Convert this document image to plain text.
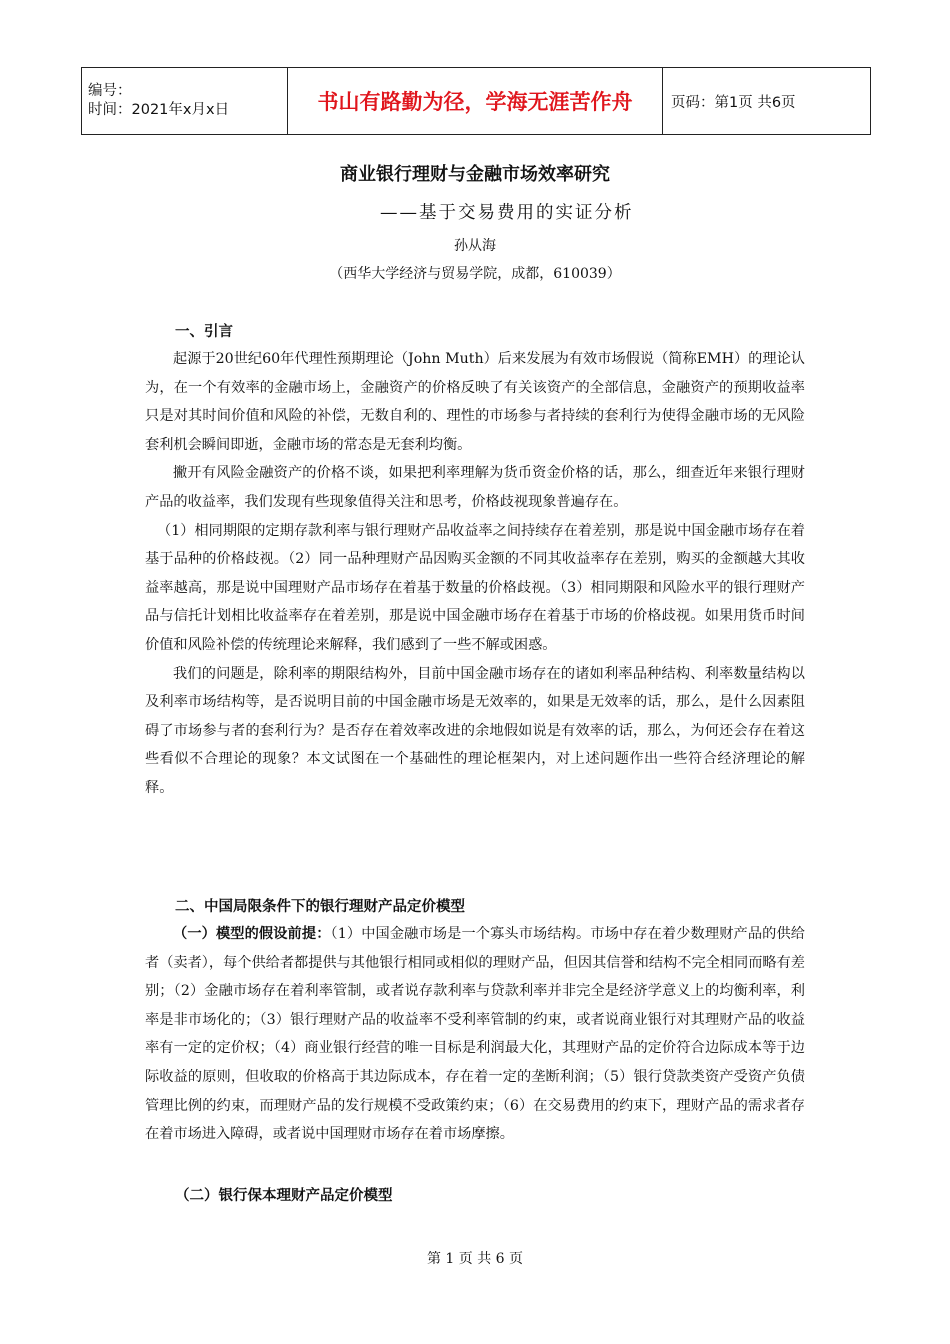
编号：
时间：2021年x月x日	书山有路勤为径，学海无涯苦作舟	页码：第1页 共6页
商业银行理财与金融市场效率研究
——基于交易费用的实证分析
孙从海
（西华大学经济与贸易学院，成都，610039）
一、引言

起源于20世纪60年代理性预期理论（John Muth）后来发展为有效市场假说（简称EMH）的理论认为，在一个有效率的金融市场上，金融资产的价格反映了有关该资产的全部信息，金融资产的预期收益率只是对其时间价值和风险的补偿，无数自利的、理性的市场参与者持续的套利行为使得金融市场的无风险套利机会瞬间即逝，金融市场的常态是无套利均衡。

撇开有风险金融资产的价格不谈，如果把利率理解为货币资金价格的话，那么，细查近年来银行理财产品的收益率，我们发现有些现象值得关注和思考，价格歧视现象普遍存在。

（1）相同期限的定期存款利率与银行理财产品收益率之间持续存在着差别，那是说中国金融市场存在着基于品种的价格歧视。（2）同一品种理财产品因购买金额的不同其收益率存在差别，购买的金额越大其收益率越高，那是说中国理财产品市场存在着基于数量的价格歧视。（3）相同期限和风险水平的银行理财产品与信托计划相比收益率存在着差别，那是说中国金融市场存在着基于市场的价格歧视。如果用货币时间价值和风险补偿的传统理论来解释，我们感到了一些不解或困惑。

我们的问题是，除利率的期限结构外，目前中国金融市场存在的诸如利率品种结构、利率数量结构以及利率市场结构等，是否说明目前的中国金融市场是无效率的，如果是无效率的话，那么，是什么因素阻碍了市场参与者的套利行为？是否存在着效率改进的余地假如说是有效率的话，那么，为何还会存在着这些看似不合理论的现象？本文试图在一个基础性的理论框架内，对上述问题作出一些符合经济理论的解释。

二、中国局限条件下的银行理财产品定价模型

（一）模型的假设前提：（1）中国金融市场是一个寡头市场结构。市场中存在着少数理财产品的供给者（卖者），每个供给者都提供与其他银行相同或相似的理财产品，但因其信誉和结构不完全相同而略有差别；（2）金融市场存在着利率管制，或者说存款利率与贷款利率并非完全是经济学意义上的均衡利率，利率是非市场化的；（3）银行理财产品的收益率不受利率管制的约束，或者说商业银行对其理财产品的收益率有一定的定价权；（4）商业银行经营的唯一目标是利润最大化，其理财产品的定价符合边际成本等于边际收益的原则，但收取的价格高于其边际成本，存在着一定的垄断利润；（5）银行贷款类资产受资产负债管理比例的约束，而理财产品的发行规模不受政策约束；（6）在交易费用的约束下，理财产品的需求者存在着市场进入障碍，或者说中国理财市场存在着市场摩擦。

（二）银行保本理财产品定价模型
第 1 页 共 6 页
